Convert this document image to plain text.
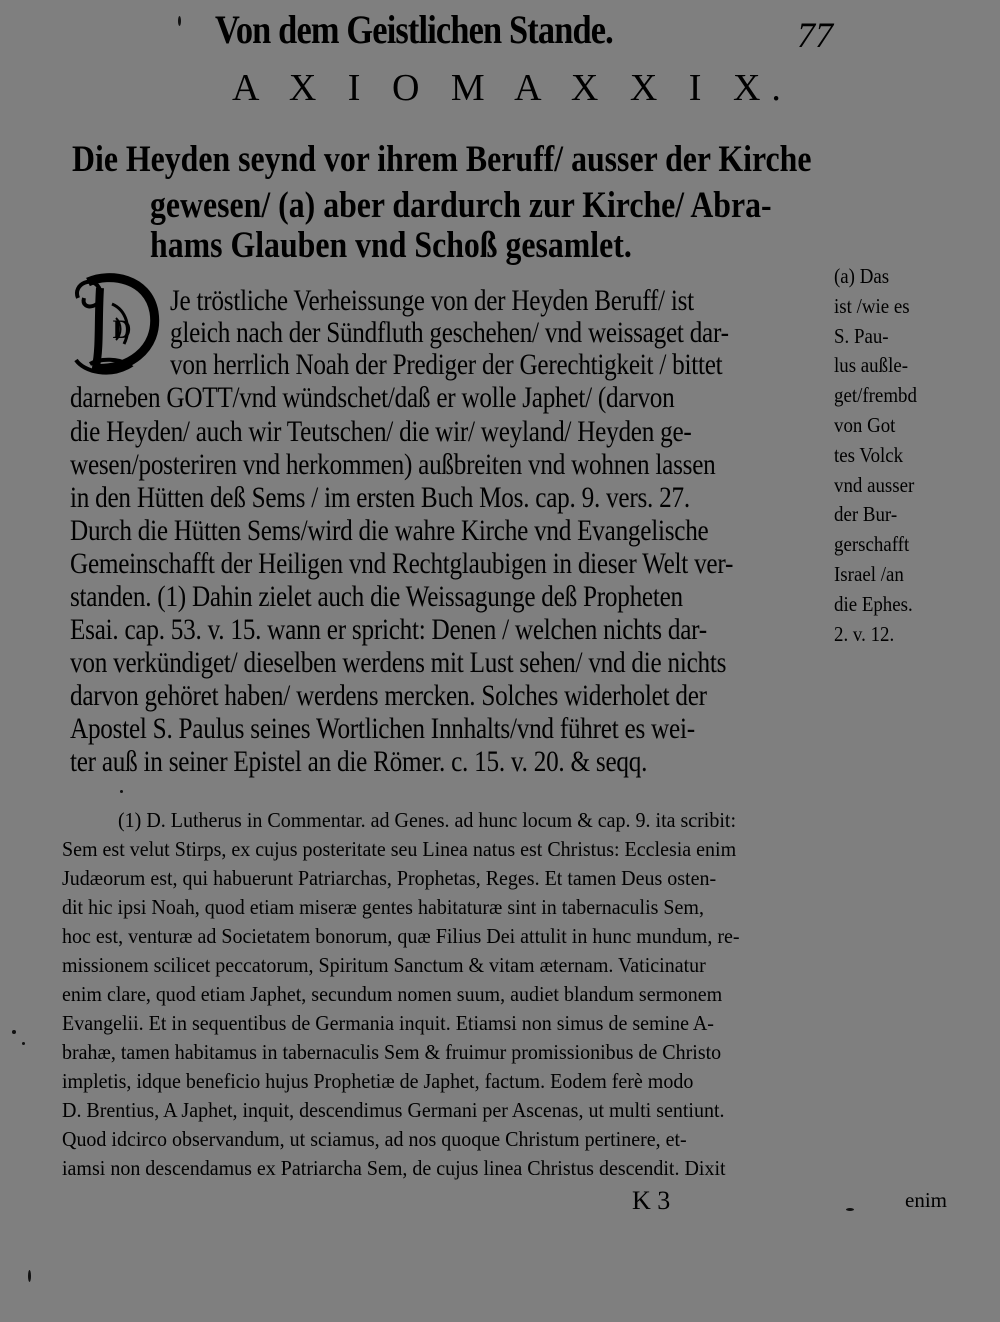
Von dem Geistlichen Stande.	77
A X I O M A X X I X.
Die Heyden seynd vor ihrem Beruff/ ausser der Kirche
gewesen/ (a) aber dardurch zur Kirche/ Abra-
hams Glauben vnd Schoß gesamlet.
D
Je tröstliche Verheissunge von der Heyden Beruff/ ist
gleich nach der Sündfluth geschehen/ vnd weissaget dar-
von herrlich Noah der Prediger der Gerechtigkeit / bittet
darneben GOTT/vnd wündschet/daß er wolle Japhet/ (darvon
die Heyden/ auch wir Teutschen/ die wir/ weyland/ Heyden ge-
wesen/posteriren vnd herkommen) außbreiten vnd wohnen lassen
in den Hütten deß Sems / im ersten Buch Mos. cap. 9. vers. 27.
Durch die Hütten Sems/wird die wahre Kirche vnd Evangelische
Gemeinschafft der Heiligen vnd Rechtglaubigen in dieser Welt ver-
standen. (1) Dahin zielet auch die Weissagunge deß Propheten
Esai. cap. 53. v. 15. wann er spricht: Denen / welchen nichts dar-
von verkündiget/ dieselben werdens mit Lust sehen/ vnd die nichts
darvon gehöret haben/ werdens mercken. Solches widerholet der
Apostel S. Paulus seines Wortlichen Innhalts/vnd führet es wei-
ter auß in seiner Epistel an die Römer. c. 15. v. 20. & seqq.
(a) Das
ist /wie es
S. Pau-
lus außle-
get/frembd
von Got
tes Volck
vnd ausser
der Bur-
gerschafft
Israel /an
die Ephes.
2. v. 12.
(1) D. Lutherus in Commentar. ad Genes. ad hunc locum & cap. 9. ita scribit:
Sem est velut Stirps, ex cujus posteritate seu Linea natus est Christus: Ecclesia enim
Judæorum est, qui habuerunt Patriarchas, Prophetas, Reges. Et tamen Deus osten-
dit hic ipsi Noah, quod etiam miseræ gentes habitaturæ sint in tabernaculis Sem,
hoc est, venturæ ad Societatem bonorum, quæ Filius Dei attulit in hunc mundum, re-
missionem scilicet peccatorum, Spiritum Sanctum & vitam æternam. Vaticinatur
enim clare, quod etiam Japhet, secundum nomen suum, audiet blandum sermonem
Evangelii. Et in sequentibus de Germania inquit. Etiamsi non simus de semine A-
brahæ, tamen habitamus in tabernaculis Sem & fruimur promissionibus de Christo
impletis, idque beneficio hujus Prophetiæ de Japhet, factum. Eodem ferè modo
D. Brentius, A Japhet, inquit, descendimus Germani per Ascenas, ut multi sentiunt.
Quod idcirco observandum, ut sciamus, ad nos quoque Christum pertinere, et-
iamsi non descendamus ex Patriarcha Sem, de cujus linea Christus descendit. Dixit
K 3	enim
